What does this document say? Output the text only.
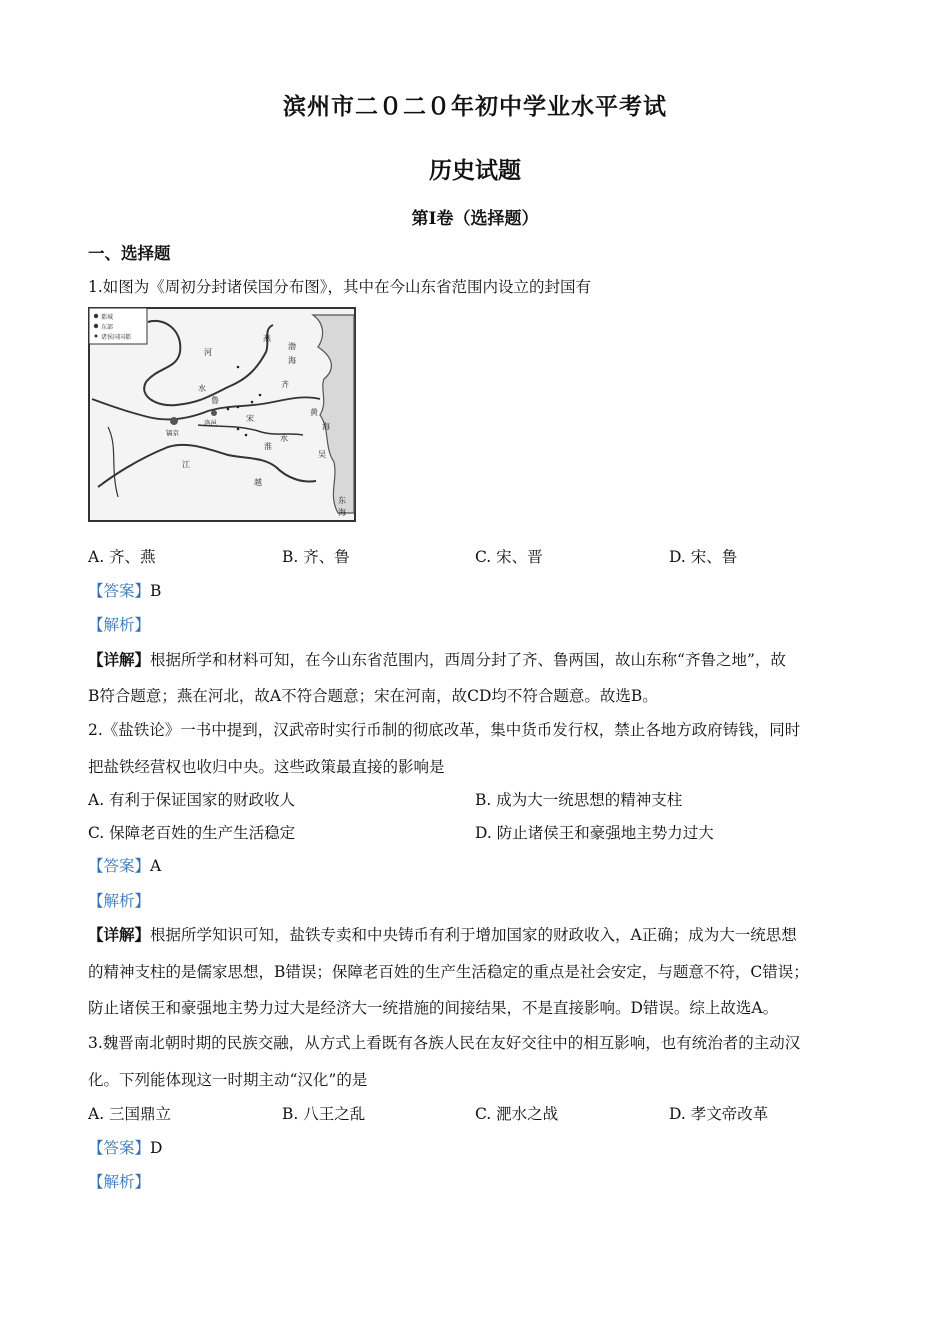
滨州市二０二０年初中学业水平考试
历史试题
第Ⅰ卷（选择题）
一、选择题
1.如图为《周初分封诸侯国分布图》，其中在今山东省范围内设立的封国有
都城
东部
诸侯国国都	燕
渤
海
河
齐
水
鲁
宋
洛邑
镐京
黄
海
淮
水
吴
江
越
东
海
A. 齐、燕	B. 齐、鲁	C. 宋、晋	D. 宋、鲁
【答案】B
【解析】
【详解】根据所学和材料可知，在今山东省范围内，西周分封了齐、鲁两国，故山东称“齐鲁之地”，故
B符合题意；燕在河北，故A不符合题意；宋在河南，故CD均不符合题意。故选B。
2.《盐铁论》一书中提到，汉武帝时实行币制的彻底改革，集中货币发行权，禁止各地方政府铸钱，同时
把盐铁经营权也收归中央。这些政策最直接的影响是
A. 有利于保证国家的财政收人	B. 成为大一统思想的精神支柱
C. 保障老百姓的生产生活稳定	D. 防止诸侯王和豪强地主势力过大
【答案】A
【解析】
【详解】根据所学知识可知，盐铁专卖和中央铸币有利于增加国家的财政收入，A正确；成为大一统思想
的精神支柱的是儒家思想，B错误；保障老百姓的生产生活稳定的重点是社会安定，与题意不符，C错误；
防止诸侯王和豪强地主势力过大是经济大一统措施的间接结果，不是直接影响。D错误。综上故选A。
3.魏晋南北朝时期的民族交融，从方式上看既有各族人民在友好交往中的相互影响，也有统治者的主动汉
化。下列能体现这一时期主动“汉化”的是
A. 三国鼎立	B. 八王之乱	C. 淝水之战	D. 孝文帝改革
【答案】D
【解析】
